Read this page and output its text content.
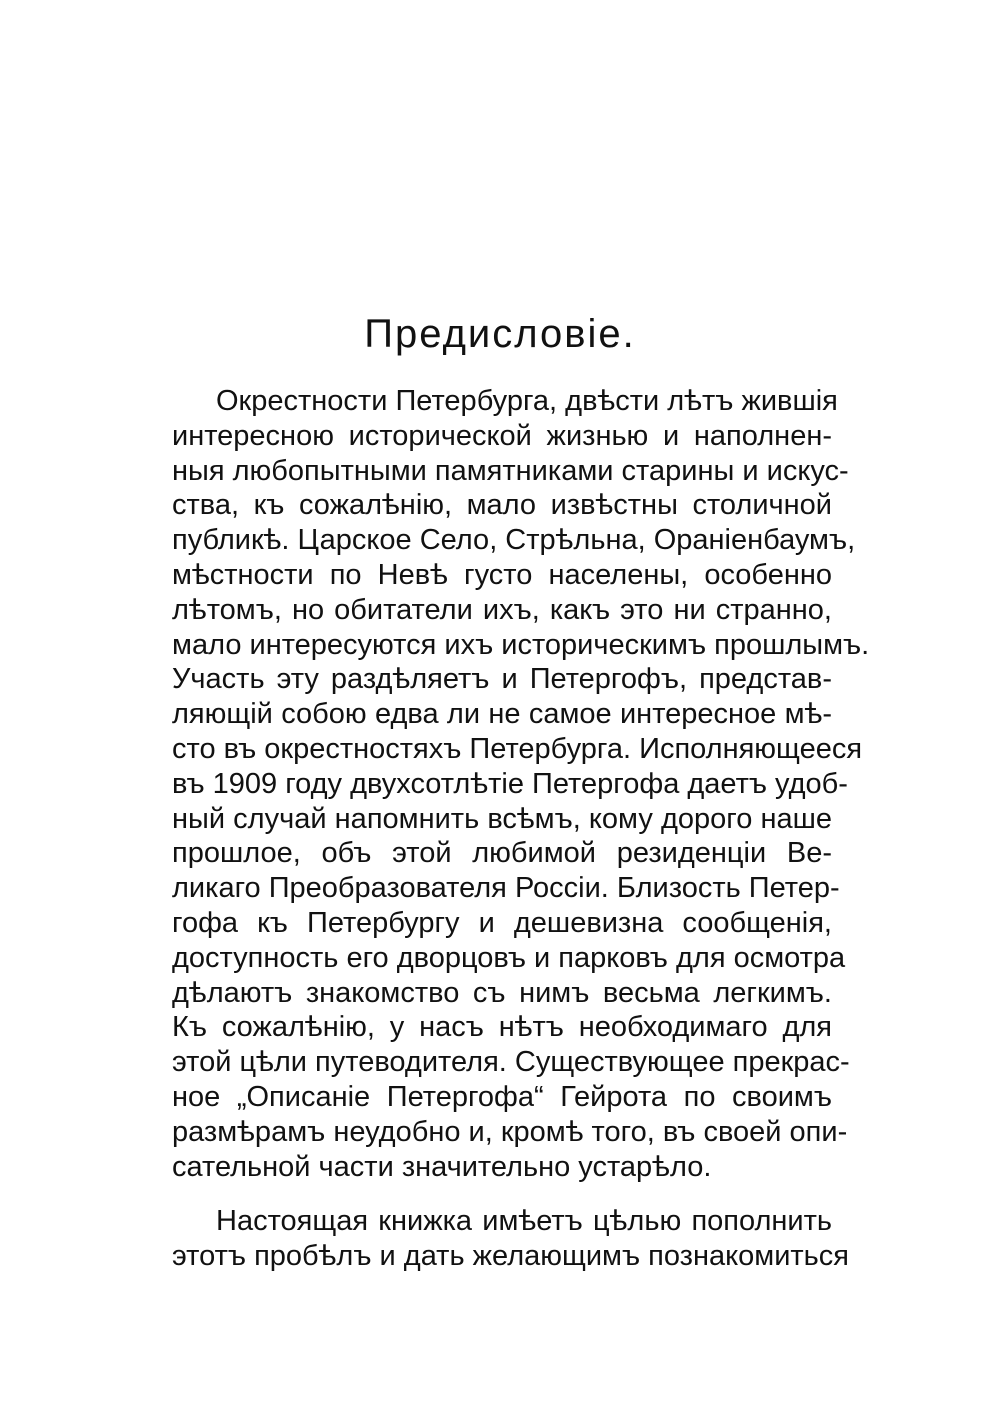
Предисловіе.
Окрестности Петербурга, двѣсти лѣтъ жившія
интересною исторической жизнью и наполнен-
ныя любопытными памятниками старины и искус-
ства, къ сожалѣнію, мало извѣстны столичной
публикѣ. Царское Село, Стрѣльна, Ораніенбаумъ,
мѣстности по Невѣ густо населены, особенно
лѣтомъ, но обитатели ихъ, какъ это ни странно,
мало интересуются ихъ историческимъ прошлымъ.
Участь эту раздѣляетъ и Петергофъ, представ-
ляющій собою едва ли не самое интересное мѣ-
сто въ окрестностяхъ Петербурга. Исполняющееся
въ 1909 году двухсотлѣтіе Петергофа даетъ удоб-
ный случай напомнить всѣмъ, кому дорого наше
прошлое, объ этой любимой резиденціи Ве-
ликаго Преобразователя Россіи. Близость Петер-
гофа къ Петербургу и дешевизна сообщенія,
доступность его дворцовъ и парковъ для осмотра
дѣлаютъ знакомство съ нимъ весьма легкимъ.
Къ сожалѣнію, у насъ нѣтъ необходимаго для
этой цѣли путеводителя. Существующее прекрас-
ное „Описаніе Петергофа“ Гейрота по своимъ
размѣрамъ неудобно и, кромѣ того, въ своей опи-
сательной части значительно устарѣло.
Настоящая книжка имѣетъ цѣлью пополнить
этотъ пробѣлъ и дать желающимъ познакомиться
